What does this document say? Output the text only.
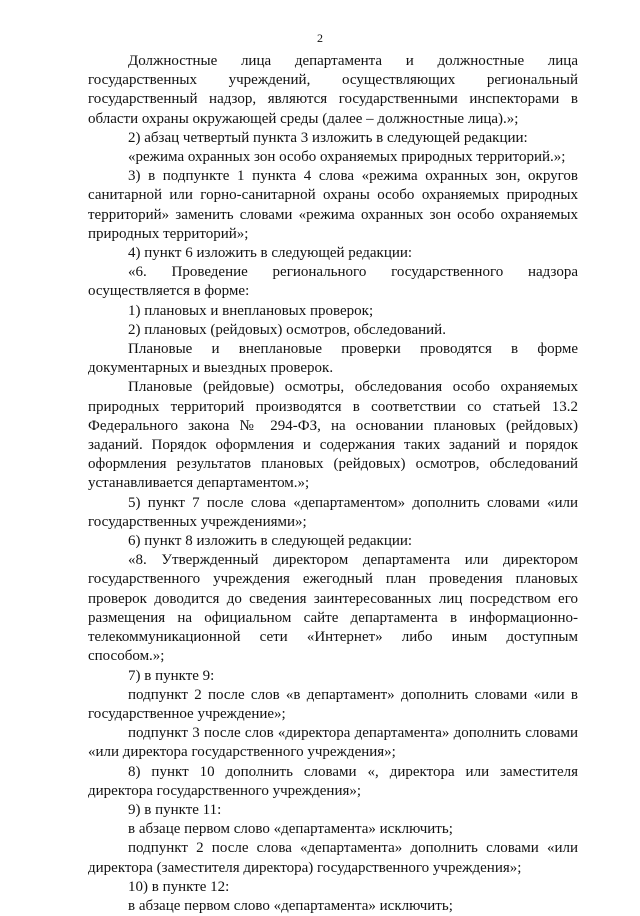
2

Должностные лица департамента и должностные лица государственных учреждений, осуществляющих региональный государственный надзор, являются государственными инспекторами в области охраны окружающей среды (далее – должностные лица).»;

2) абзац четвертый пункта 3 изложить в следующей редакции:

«режима охранных зон особо охраняемых природных территорий.»;

3) в подпункте 1 пункта 4 слова «режима охранных зон, округов санитарной или горно-санитарной охраны особо охраняемых природных территорий» заменить словами «режима охранных зон особо охраняемых природных территорий»;

4) пункт 6 изложить в следующей редакции:

«6. Проведение регионального государственного надзора осуществляется в форме:

1) плановых и внеплановых проверок;

2) плановых (рейдовых) осмотров, обследований.

Плановые и внеплановые проверки проводятся в форме документарных и выездных проверок.

Плановые (рейдовые) осмотры, обследования особо охраняемых природных территорий производятся в соответствии со статьей 13.2 Федерального закона № 294-ФЗ, на основании плановых (рейдовых) заданий. Порядок оформления и содержания таких заданий и порядок оформления результатов плановых (рейдовых) осмотров, обследований устанавливается департаментом.»;

5) пункт 7 после слова «департаментом» дополнить словами «или государственных учреждениями»;

6) пункт 8 изложить в следующей редакции:

«8. Утвержденный директором департамента или директором государственного учреждения ежегодный план проведения плановых проверок доводится до сведения заинтересованных лиц посредством его размещения на официальном сайте департамента в информационно-телекоммуникационной сети «Интернет» либо иным доступным способом.»;

7) в пункте 9:

подпункт 2 после слов «в департамент» дополнить словами «или в государственное учреждение»;

подпункт 3 после слов «директора департамента» дополнить словами «или директора государственного учреждения»;

8) пункт 10 дополнить словами «, директора или заместителя директора государственного учреждения»;

9) в пункте 11:

в абзаце первом слово «департамента» исключить;

подпункт 2 после слова «департамента» дополнить словами «или директора (заместителя директора) государственного учреждения»;

10) в пункте 12:

в абзаце первом слово «департамента» исключить;
